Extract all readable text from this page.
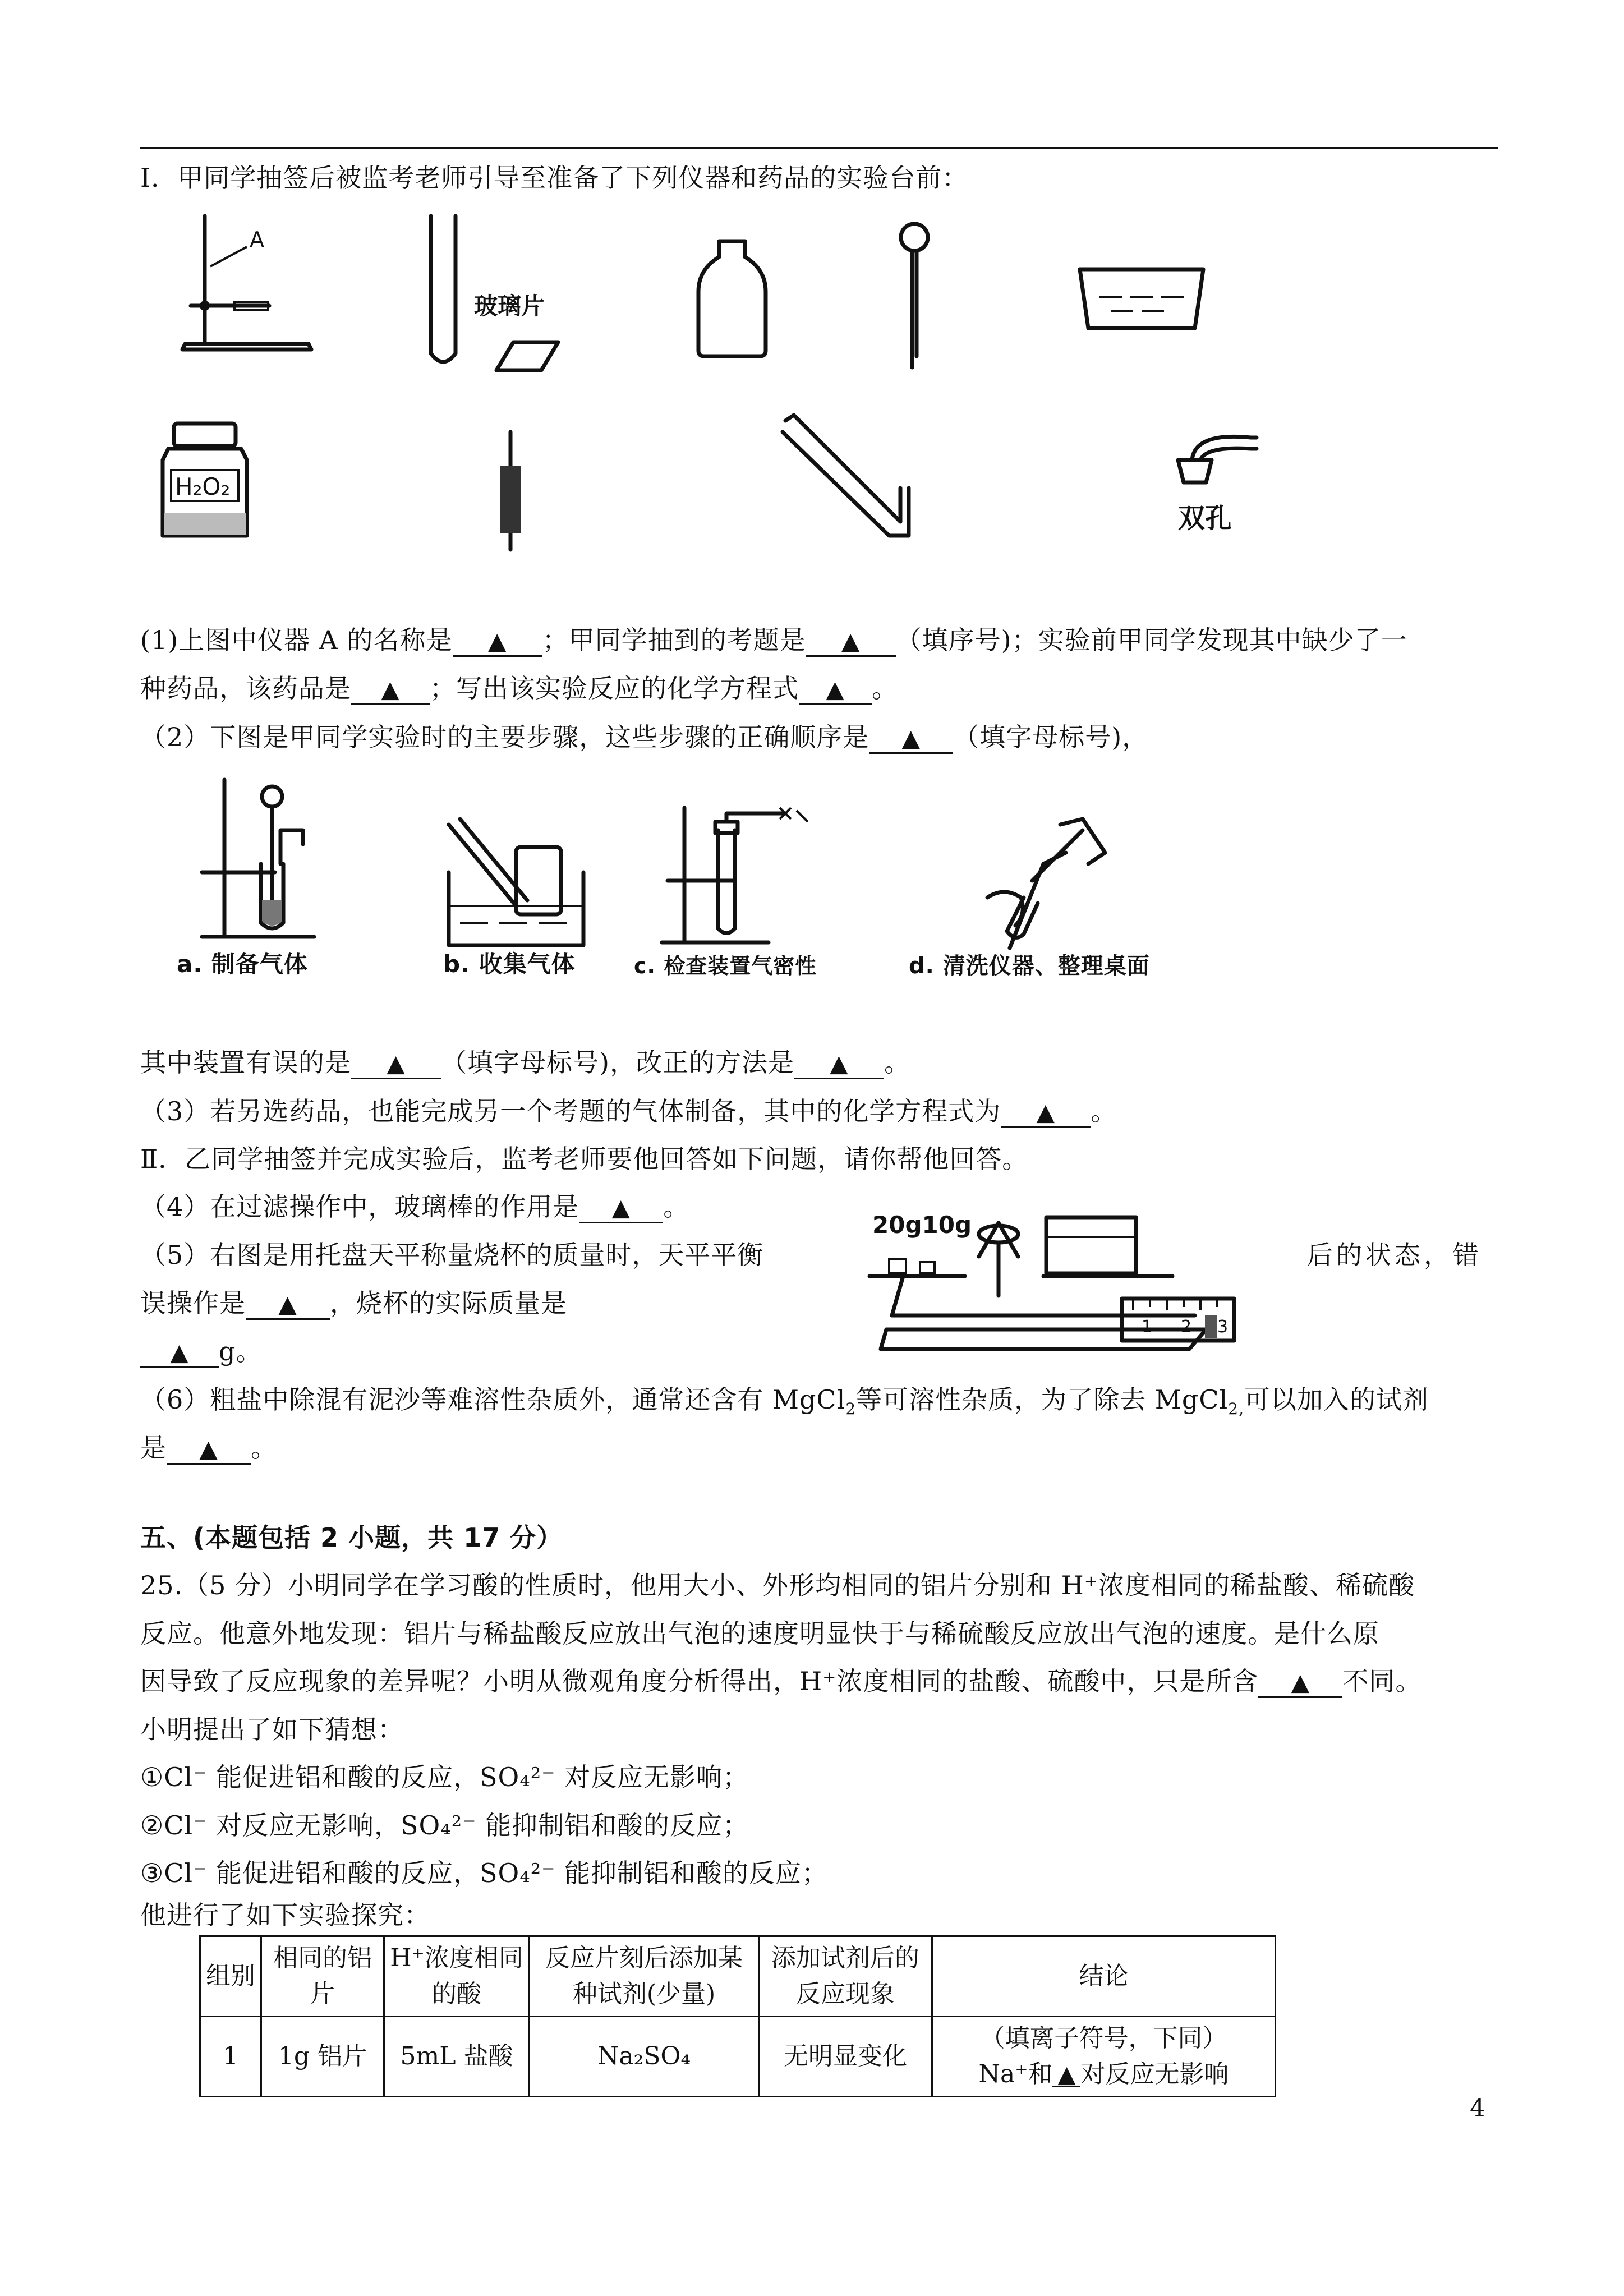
I．甲同学抽签后被监考老师引导至准备了下列仪器和药品的实验台前：
A
玻璃片
H₂O₂
双孔
(1)上图中仪器 A 的名称是 ▲ ；甲同学抽到的考题是 ▲ （填序号)；实验前甲同学发现其中缺少了一
种药品，该药品是 ▲ ；写出该实验反应的化学方程式 ▲ 。
（2）下图是甲同学实验时的主要步骤，这些步骤的正确顺序是 ▲ （填字母标号)，
a. 制备气体	b. 收集气体	c. 检查装置气密性	d. 清洗仪器、整理桌面
其中装置有误的是 ▲ （填字母标号)，改正的方法是 ▲ 。
（3）若另选药品，也能完成另一个考题的气体制备，其中的化学方程式为 ▲ 。
Ⅱ．乙同学抽签并完成实验后，监考老师要他回答如下问题，请你帮他回答。
（4）在过滤操作中，玻璃棒的作用是 ▲ 。
（5）右图是用托盘天平称量烧杯的质量时，天平平衡	后的状态，错
误操作是 ▲ ，烧杯的实际质量是
▲ g。
20g10g
1 2 3
（6）粗盐中除混有泥沙等难溶性杂质外，通常还含有 MgCl$_2$等可溶性杂质，为了除去 MgCl$_{2,}$可以加入的试剂
是 ▲ 。
五、(本题包括 2 小题，共 17 分）
25.（5 分）小明同学在学习酸的性质时，他用大小、外形均相同的铝片分别和 H⁺浓度相同的稀盐酸、稀硫酸
反应。他意外地发现：铝片与稀盐酸反应放出气泡的速度明显快于与稀硫酸反应放出气泡的速度。是什么原
因导致了反应现象的差异呢？小明从微观角度分析得出，H⁺浓度相同的盐酸、硫酸中，只是所含 ▲ 不同。
小明提出了如下猜想：
①Cl⁻ 能促进铝和酸的反应，SO₄²⁻ 对反应无影响；
②Cl⁻ 对反应无影响，SO₄²⁻ 能抑制铝和酸的反应；
③Cl⁻ 能促进铝和酸的反应，SO₄²⁻ 能抑制铝和酸的反应；
他进行了如下实验探究：
组别	相同的铝片	H⁺浓度相同的酸	反应片刻后添加某种试剂(少量)	添加试剂后的反应现象	结论
1	1g 铝片	5mL 盐酸	Na₂SO₄	无明显变化	（填离子符号，下同）
Na⁺和 ▲ 对反应无影响
4
